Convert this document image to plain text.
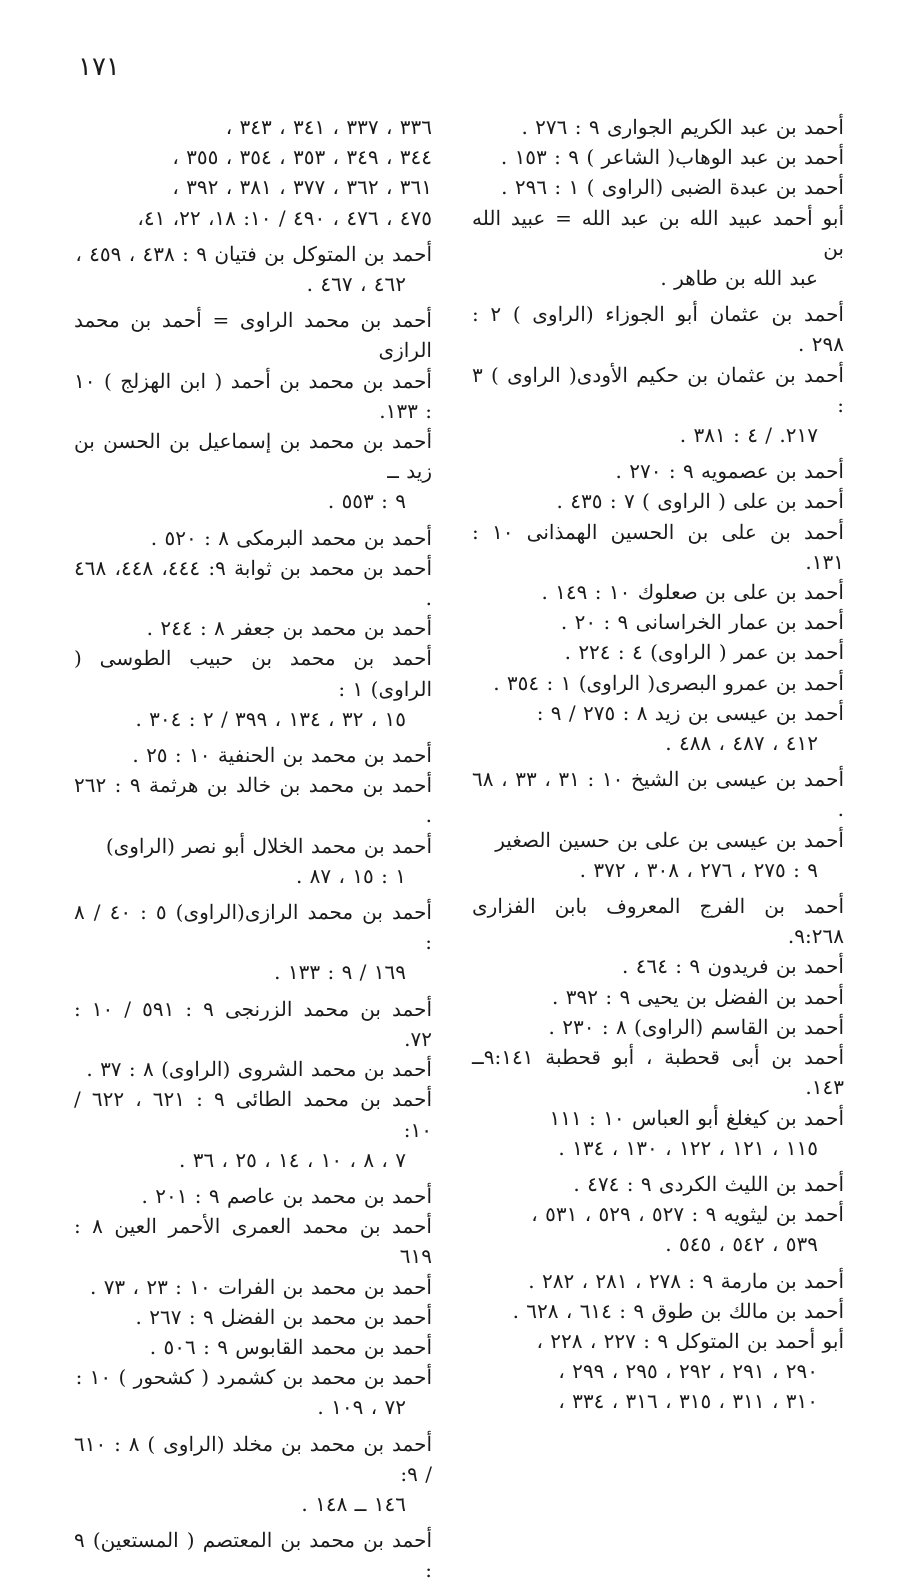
١٧١
أحمد بن عبد الكريم الجوارى ٩ : ٢٧٦ .
أحمد بن عبد الوهاب( الشاعر ) ٩ : ١٥٣ .
أحمد بن عبدة الضبى (الراوى ) ١ : ٢٩٦ .
أبو أحمد عبيد الله بن عبد الله = عبيد الله بن
عبد الله بن طاهر .
أحمد بن عثمان أبو الجوزاء (الراوى ) ٢ : ٢٩٨ .
أحمد بن عثمان بن حكيم الأودى( الراوى ) ٣ :
٢١٧. / ٤ : ٣٨١ .
أحمد بن عصمويه ٩ : ٢٧٠ .
أحمد بن على ( الراوى ) ٧ : ٤٣٥ .
أحمد بن على بن الحسين الهمذانى ١٠ : ١٣١.
أحمد بن على بن صعلوك ١٠ : ١٤٩ .
أحمد بن عمار الخراسانى ٩ : ٢٠ .
أحمد بن عمر ( الراوى) ٤ : ٢٢٤ .
أحمد بن عمرو البصرى( الراوى) ١ : ٣٥٤ .
أحمد بن عيسى بن زيد ٨ : ٢٧٥ / ٩ :
٤١٢ ، ٤٨٧ ، ٤٨٨ .
أحمد بن عيسى بن الشيخ ١٠ : ٣١ ، ٣٣ ، ٦٨ .
أحمد بن عيسى بن على بن حسين الصغير
٩ : ٢٧٥ ، ٢٧٦ ، ٣٠٨ ، ٣٧٢ .
أحمد بن الفرج المعروف بابن الفزارى ٩:٢٦٨.
أحمد بن فريدون ٩ : ٤٦٤ .
أحمد بن الفضل بن يحيى ٩ : ٣٩٢ .
أحمد بن القاسم (الراوى) ٨ : ٢٣٠ .
أحمد بن أبى قحطبة ، أبو قحطبة ٩:١٤١ــ ١٤٣.
أحمد بن كيغلغ أبو العباس ١٠ : ١١١
١١٥ ، ١٢١ ، ١٢٢ ، ١٣٠ ، ١٣٤ .
أحمد بن الليث الكردى ٩ : ٤٧٤ .
أحمد بن ليثويه ٩ : ٥٢٧ ، ٥٢٩ ، ٥٣١ ،
٥٣٩ ، ٥٤٢ ، ٥٤٥ .
أحمد بن مارمة ٩ : ٢٧٨ ، ٢٨١ ، ٢٨٢ .
أحمد بن مالك بن طوق ٩ : ٦١٤ ، ٦٢٨ .
أبو أحمد بن المتوكل ٩ : ٢٢٧ ، ٢٢٨ ،
٢٩٠ ، ٢٩١ ، ٢٩٢ ، ٢٩٥ ، ٢٩٩ ،
٣١٠ ، ٣١١ ، ٣١٥ ، ٣١٦ ، ٣٣٤ ،
٣٣٦ ، ٣٣٧ ، ٣٤١ ، ٣٤٣ ،
٣٤٤ ، ٣٤٩ ، ٣٥٣ ، ٣٥٤ ، ٣٥٥ ،
٣٦١ ، ٣٦٢ ، ٣٧٧ ، ٣٨١ ، ٣٩٢ ،
٤٧٥ ، ٤٧٦ ، ٤٩٠ / ١٠: ١٨، ٢٢، ٤١،
أحمد بن المتوكل بن فتيان ٩ : ٤٣٨ ، ٤٥٩ ،
٤٦٢ ، ٤٦٧ .
أحمد بن محمد الراوى = أحمد بن محمد الرازى
أحمد بن محمد بن أحمد ( ابن الهزلج ) ١٠ : ١٣٣.
أحمد بن محمد بن إسماعيل بن الحسن بن زيد ــ
٩ : ٥٥٣ .
أحمد بن محمد البرمكى ٨ : ٥٢٠ .
أحمد بن محمد بن ثوابة ٩: ٤٤٤، ٤٤٨، ٤٦٨ .
أحمد بن محمد بن جعفر ٨ : ٢٤٤ .
أحمد بن محمد بن حبيب الطوسى ( الراوى) ١ :
١٥ ، ٣٢ ، ١٣٤ ، ٣٩٩ / ٢ : ٣٠٤ .
أحمد بن محمد بن الحنفية ١٠ : ٢٥ .
أحمد بن محمد بن خالد بن هرثمة ٩ : ٢٦٢ .
أحمد بن محمد الخلال أبو نصر (الراوى)
١ : ١٥ ، ٨٧ .
أحمد بن محمد الرازى(الراوى) ٥ : ٤٠ / ٨ :
١٦٩ / ٩ : ١٣٣ .
أحمد بن محمد الزرنجى ٩ : ٥٩١ / ١٠ : ٧٢.
أحمد بن محمد الشروى (الراوى) ٨ : ٣٧ .
أحمد بن محمد الطائى ٩ : ٦٢١ ، ٦٢٢ / ١٠:
٧ ، ٨ ، ١٠ ، ١٤ ، ٢٥ ، ٣٦ .
أحمد بن محمد بن عاصم ٩ : ٢٠١ .
أحمد بن محمد العمرى الأحمر العين ٨ : ٦١٩
أحمد بن محمد بن الفرات ١٠ : ٢٣ ، ٧٣ .
أحمد بن محمد بن الفضل ٩ : ٢٦٧ .
أحمد بن محمد القابوس ٩ : ٥٠٦ .
أحمد بن محمد بن كشمرد ( كشحور ) ١٠ :
٧٢ ، ١٠٩ .
أحمد بن محمد بن مخلد (الراوى ) ٨ : ٦١٠ / ٩:
١٤٦ ــ ١٤٨ .
أحمد بن محمد بن المعتصم ( المستعين) ٩ :
